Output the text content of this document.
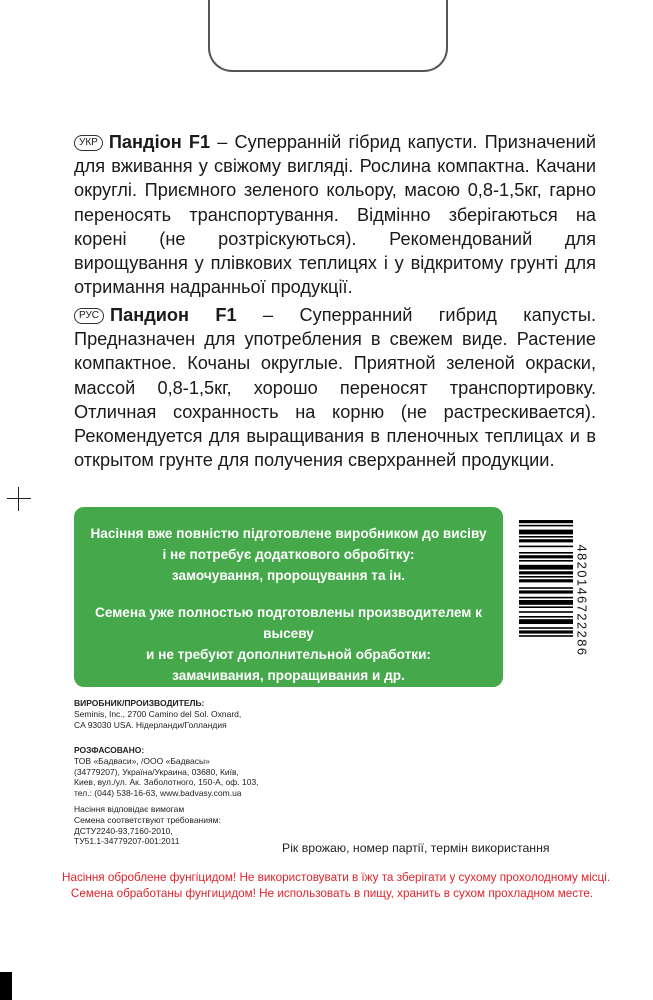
УКР Пандіон F1 – Суперранній гібрид капусти. Призначений для вживання у свіжому вигляді. Рослина компактна. Качани округлі. Приємного зеленого кольору, масою 0,8-1,5кг, гарно переносять транспортування. Відмінно зберігаються на корені (не розтріскуються). Рекомендований для вирощування у плівкових теплицях і у відкритому грунті для отримання надранньої продукції.
РУС Пандион F1 – Суперранний гибрид капусты. Предназначен для употребления в свежем виде. Растение компактное. Кочаны округлые. Приятной зеленой окраски, массой 0,8-1,5кг, хорошо переносят транспортировку. Отличная сохранность на корню (не растрескивается). Рекомендуется для выращивания в пленочных теплицах и в открытом грунте для получения сверхранней продукции.

Насіння вже повністю підготовлене виробником до висіву

і не потребує додаткового обробітку:

замочування, пророщування та ін.

Семена уже полностью подготовлены производителем к высеву

и не требуют дополнительной обработки:

замачивания, проращивания и др.

4820146722286
ВИРОБНИК/ПРОИЗВОДИТЕЛЬ:
Seminis, Inc., 2700 Camino del Sol. Oxnard,
CA 93030 USA. Нідерланди/Голландия
РОЗФАСОВАНО:
ТОВ «Бадваси», /ООО «Бадвасы»
(34779207), Україна/Украина, 03680, Київ,
Киев, вул./ул. Ак. Заболотного, 150-А, оф. 103,
тел.: (044) 538-16-63, www.badvasy.com.ua
Насіння відповідає вимогам
Семена соответствуют требованиям:
ДСТУ2240-93,7160-2010,
ТУ51.1-34779207-001:2011	Рік врожаю, номер партії, термін використання
Насіння оброблене фунгіцидом! Не використовувати в їжу та зберігати у сухому прохолодному місці.
Семена обработаны фунгицидом! Не использовать в пищу, хранить в сухом прохладном месте.
